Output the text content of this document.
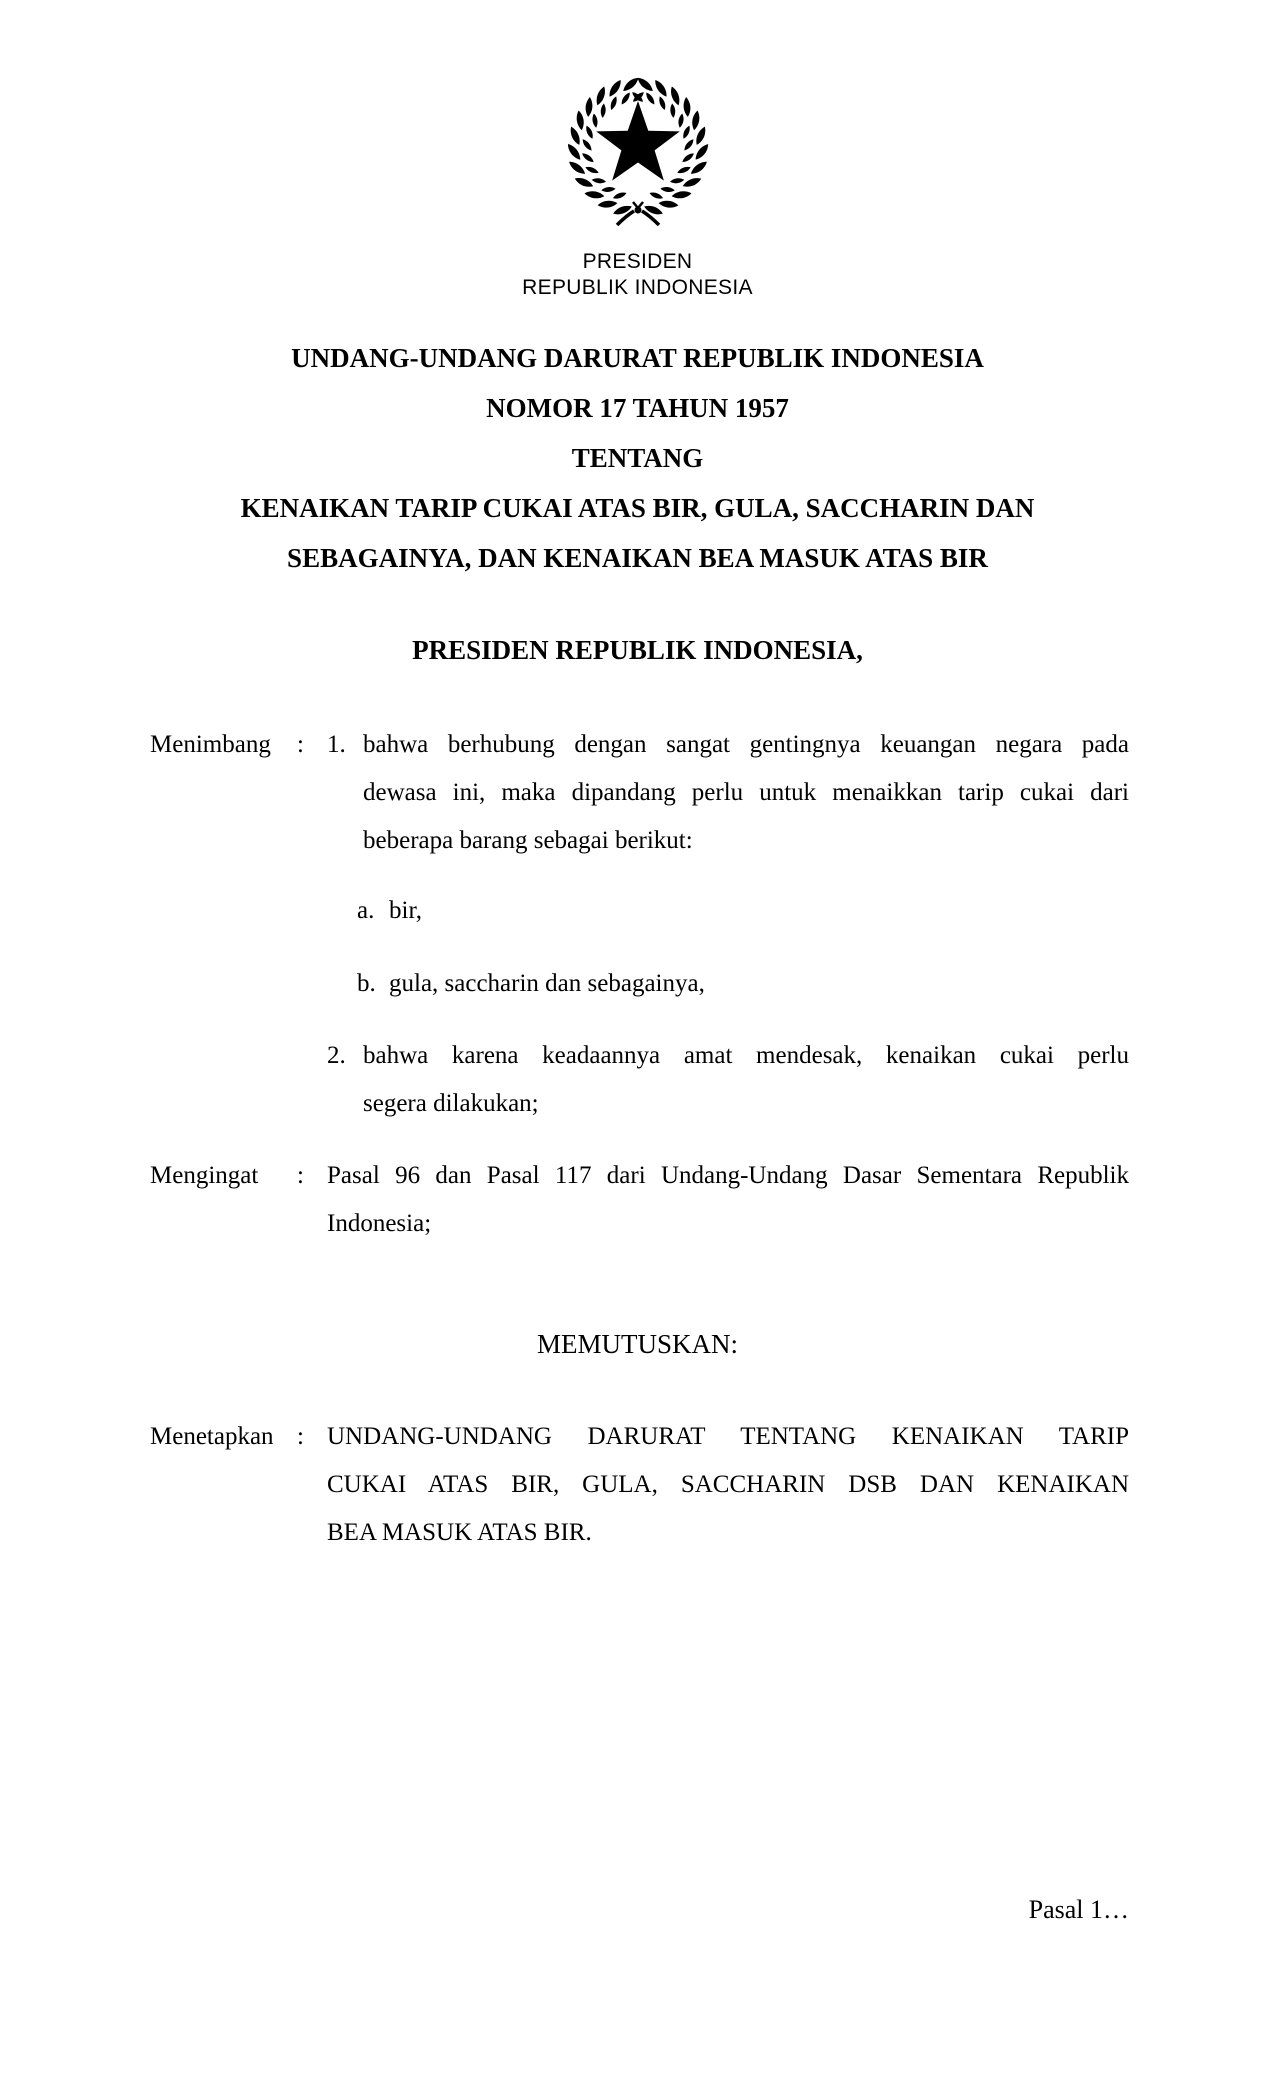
PRESIDEN
REPUBLIK INDONESIA
UNDANG-UNDANG DARURAT REPUBLIK INDONESIA
NOMOR 17 TAHUN 1957
TENTANG
KENAIKAN TARIP CUKAI ATAS BIR, GULA, SACCHARIN DAN
SEBAGAINYA, DAN KENAIKAN BEA MASUK ATAS BIR
PRESIDEN REPUBLIK INDONESIA,
Menimbang	: 1. bahwa berhubung dengan sangat gentingnya keuangan negara pada
dewasa ini, maka dipandang perlu untuk menaikkan tarip cukai dari
beberapa barang sebagai berikut:
a. bir,
b. gula, saccharin dan sebagainya,
2. bahwa karena keadaannya amat mendesak, kenaikan cukai perlu
segera dilakukan;
Mengingat	: Pasal 96 dan Pasal 117 dari Undang-Undang Dasar Sementara Republik
Indonesia;
MEMUTUSKAN:
Menetapkan : UNDANG-UNDANG DARURAT TENTANG KENAIKAN TARIP
CUKAI ATAS BIR, GULA, SACCHARIN DSB DAN KENAIKAN
BEA MASUK ATAS BIR.
Pasal 1…
